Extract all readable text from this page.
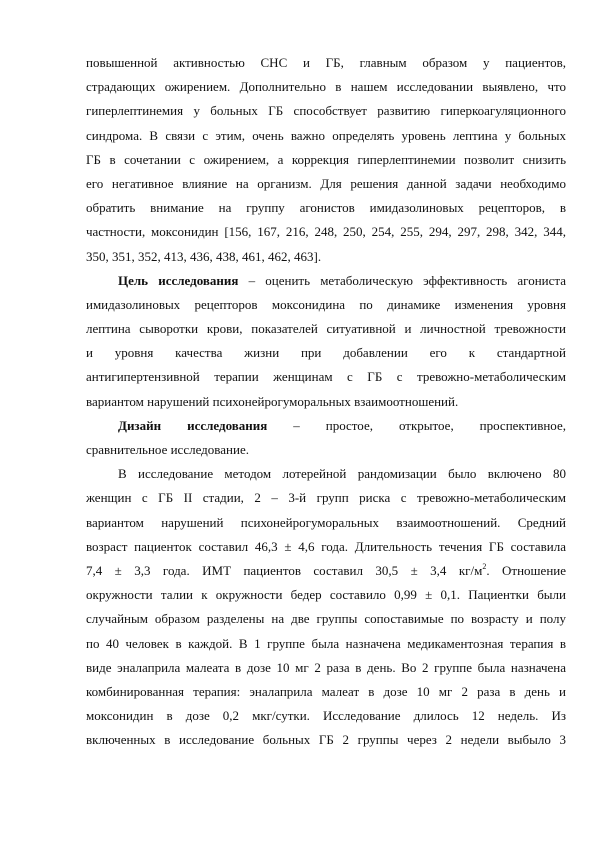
повышенной активностью СНС и ГБ, главным образом у пациентов,
страдающих ожирением. Дополнительно в нашем исследовании выявлено, что
гиперлептинемия у больных ГБ способствует развитию гиперкоагуляционного
синдрома. В связи с этим, очень важно определять уровень лептина у больных
ГБ в сочетании с ожирением, а коррекция гиперлептинемии позволит снизить
его негативное влияние на организм. Для решения данной задачи необходимо
обратить внимание на группу агонистов имидазолиновых рецепторов, в
частности, моксонидин [156, 167, 216, 248, 250, 254, 255, 294, 297, 298, 342, 344,
350, 351, 352, 413, 436, 438, 461, 462, 463].
Цель исследования – оценить метаболическую эффективность агониста
имидазолиновых рецепторов моксонидина по динамике изменения уровня
лептина сыворотки крови, показателей ситуативной и личностной тревожности
и уровня качества жизни при добавлении его к стандартной
антигипертензивной терапии женщинам с ГБ с тревожно-метаболическим
вариантом нарушений психонейрогуморальных взаимоотношений.
Дизайн исследования – простое, открытое, проспективное,
сравнительное исследование.
В исследование методом лотерейной рандомизации было включено 80
женщин с ГБ II стадии, 2 – 3-й групп риска с тревожно-метаболическим
вариантом нарушений психонейрогуморальных взаимоотношений. Средний
возраст пациенток составил 46,3 ± 4,6 года. Длительность течения ГБ составила
7,4 ± 3,3 года. ИМТ пациентов составил 30,5 ± 3,4 $кг/м^2$. Отношение
окружности талии к окружности бедер составило 0,99 ± 0,1. Пациентки были
случайным образом разделены на две группы сопоставимые по возрасту и полу
по 40 человек в каждой. В 1 группе была назначена медикаментозная терапия в
виде эналаприла малеата в дозе 10 мг 2 раза в день. Во 2 группе была назначена
комбинированная терапия: эналаприла малеат в дозе 10 мг 2 раза в день и
моксонидин в дозе 0,2 мкг/сутки. Исследование длилось 12 недель. Из
включенных в исследование больных ГБ 2 группы через 2 недели выбыло 3
